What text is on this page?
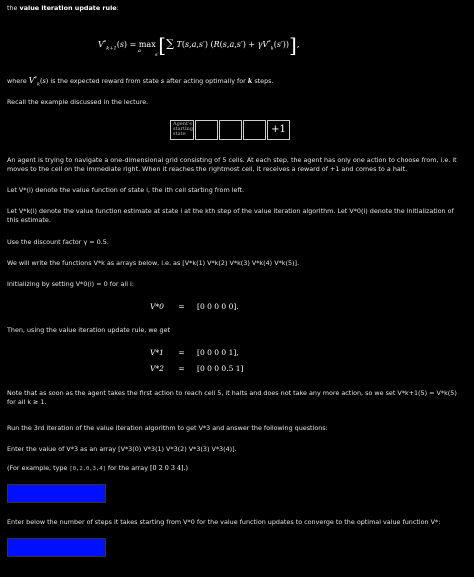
the value iteration update rule:
$V^*_{k+1}(s) = \max$ [∑ T(s,a,s′) $(R(s,a,s') + \gamma V^*_k(s'))$],
a
s′
where $V^*_k(s)$ is the expected reward from state s after acting optimally for k steps.
Recall the example discussed in the lecture.
Agent's starting state	+1
An agent is trying to navigate a one-dimensional grid consisting of 5 cells. At each step, the agent has only one action to choose from, i.e. it moves to the cell on the immediate right. When it reaches the rightmost cell, it receives a reward of +1 and comes to a halt.
Let V*(i) denote the value function of state i, the ith cell starting from left.
Let V*k(i) denote the value function estimate at state i at the kth step of the value iteration algorithm. Let V*0(i) denote the initialization of this estimate.
Use the discount factor γ = 0.5.
We will write the functions V*k as arrays below, i.e. as [V*k(1) V*k(2) V*k(3) V*k(4) V*k(5)].
Initializing by setting V*0(i) = 0 for all i:
V*0 = [0 0 0 0 0].
Then, using the value iteration update rule, we get
V*1 = [0 0 0 0 1],
V*2 = [0 0 0 0.5 1]
Note that as soon as the agent takes the first action to reach cell 5, it halts and does not take any more action, so we set V*k+1(5) = V*k(5) for all k ≥ 1.
Run the 3rd iteration of the value iteration algorithm to get V*3 and answer the following questions:
Enter the value of V*3 as an array [V*3(0) V*3(1) V*3(2) V*3(3) V*3(4)].
(For example, type [0,2,0,3,4] for the array [0 2 0 3 4].)
Enter below the number of steps it takes starting from V*0 for the value function updates to converge to the optimal value function V*:
